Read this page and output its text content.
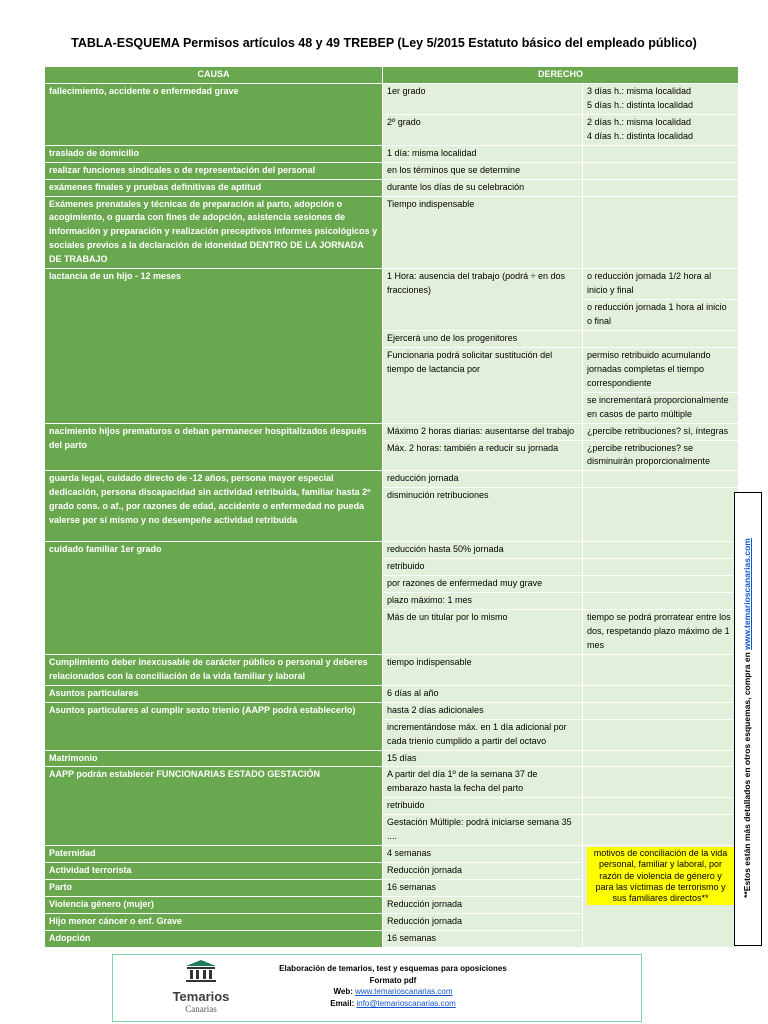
TABLA-ESQUEMA Permisos artículos 48 y 49 TREBEP (Ley 5/2015 Estatuto básico del empleado público)
CAUSA	DERECHO	
fallecimiento, accidente o enfermedad grave	1er grado	3 días h.: misma localidad
5 días h.: distinta localidad
	2º grado	2 días h.: misma localidad
4 días h.: distinta localidad
traslado de domicilio	1 día: misma localidad	
realizar funciones sindicales o de representación del personal	en los términos que se determine	
exámenes finales y pruebas definitivas de aptitud	durante los días de su celebración	
Exámenes prenatales y técnicas de preparación al parto, adopción o acogimiento, o guarda con fines de adopción, asistencia sesiones de información y preparación y realización preceptivos informes psicológicos y sociales previos a la declaración de idoneidad DENTRO DE LA JORNADA DE TRABAJO	Tiempo indispensable	
lactancia de un hijo - 12 meses	1 Hora: ausencia del trabajo (podrá ÷ en dos fracciones)	o reducción jornada 1/2 hora al inicio y final
		o reducción jornada 1 hora al inicio o final
	Ejercerá uno de los progenitores	
	Funcionaria podrá solicitar sustitución del tiempo de lactancia por	permiso retribuido acumulando jornadas completas el tiempo correspondiente
		se incrementará proporcionalmente en casos de parto múltiple
nacimiento hijos prematuros o deban permanecer hospitalizados después del parto	Máximo 2 horas diarias: ausentarse del trabajo	¿percibe retribuciones? sí, íntegras
	Máx. 2 horas: también a reducir su jornada	¿percibe retribuciones? se disminuirán proporcionalmente
guarda legal, cuidado directo de -12 años, persona mayor especial dedicación, persona discapacidad sin actividad retribuida, familiar hasta 2º grado cons. o af., por razones de edad, accidente o enfermedad no pueda valerse por sí mismo y no desempeñe actividad retribuida	reducción jornada	
	disminución retribuciones	
cuidado familiar 1er grado	reducción hasta 50% jornada	
	retribuido	
	por razones de enfermedad muy grave	
	plazo máximo: 1 mes	
	Más de un titular por lo mismo	tiempo se podrá prorratear entre los dos, respetando plazo máximo de 1 mes
Cumplimiento deber inexcusable de carácter público o personal y deberes relacionados con la conciliación de la vida familiar y laboral	tiempo indispensable	
Asuntos particulares	6 días al año	
Asuntos particulares al cumplir sexto trienio (AAPP podrá establecerlo)	hasta 2 días adicionales	
	incrementándose máx. en 1 día adicional por cada trienio cumplido a partir del octavo	
Matrimonio	15 días	
AAPP podrán establecer FUNCIONARIAS ESTADO GESTACIÓN	A partir del día 1º de la semana 37 de embarazo hasta la fecha del parto	
	retribuido	
	Gestación Múltiple: podrá iniciarse semana 35 ....	
Paternidad	4 semanas	motivos de conciliación de la vida personal, familiar y laboral, por razón de violencia de género y para las víctimas de terrorismo y sus familiares directos**
Actividad terrorista	Reducción jornada	
Parto	16 semanas	
Violencia género (mujer)	Reducción jornada	
Hijo menor cáncer o enf. Grave	Reducción jornada	
Adopción	16 semanas	
**Estos están más detallados en otros esquemas, compra en www.temarioscanarias.com
Temarios
Canarias
Elaboración de temarios, test y esquemas para oposiciones
Formato pdf
Web: www.temarioscanarias.com
Email: info@temarioscanarias.com
